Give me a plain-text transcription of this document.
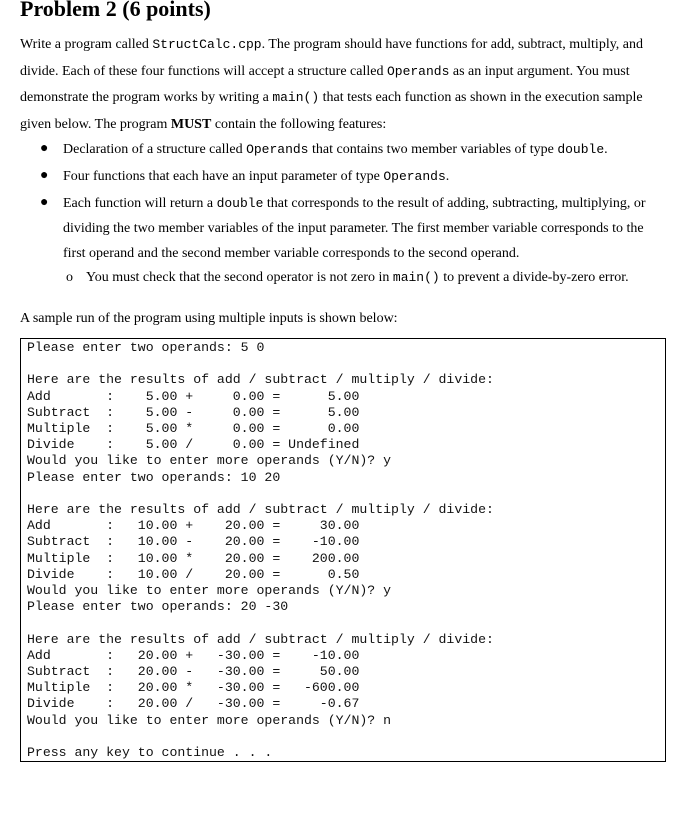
Problem 2 (6 points)
Write a program called StructCalc.cpp. The program should have functions for add, subtract, multiply, and
divide. Each of these four functions will accept a structure called Operands as an input argument. You must
demonstrate the program works by writing a main() that tests each function as shown in the execution sample
given below. The program MUST contain the following features:
● Declaration of a structure called Operands that contains two member variables of type double.
● Four functions that each have an input parameter of type Operands.
● Each function will return a double that corresponds to the result of adding, subtracting, multiplying, or
dividing the two member variables of the input parameter. The first member variable corresponds to the
first operand and the second member variable corresponds to the second operand.
o You must check that the second operator is not zero in main() to prevent a divide-by-zero error.
A sample run of the program using multiple inputs is shown below:
Please enter two operands: 5 0

Here are the results of add / subtract / multiply / divide:
Add       :    5.00 +     0.00 =      5.00
Subtract  :    5.00 -     0.00 =      5.00
Multiple  :    5.00 *     0.00 =      0.00
Divide    :    5.00 /     0.00 = Undefined
Would you like to enter more operands (Y/N)? y
Please enter two operands: 10 20

Here are the results of add / subtract / multiply / divide:
Add       :   10.00 +    20.00 =     30.00
Subtract  :   10.00 -    20.00 =    -10.00
Multiple  :   10.00 *    20.00 =    200.00
Divide    :   10.00 /    20.00 =      0.50
Would you like to enter more operands (Y/N)? y
Please enter two operands: 20 -30

Here are the results of add / subtract / multiply / divide:
Add       :   20.00 +   -30.00 =    -10.00
Subtract  :   20.00 -   -30.00 =     50.00
Multiple  :   20.00 *   -30.00 =   -600.00
Divide    :   20.00 /   -30.00 =     -0.67
Would you like to enter more operands (Y/N)? n

Press any key to continue . . .
